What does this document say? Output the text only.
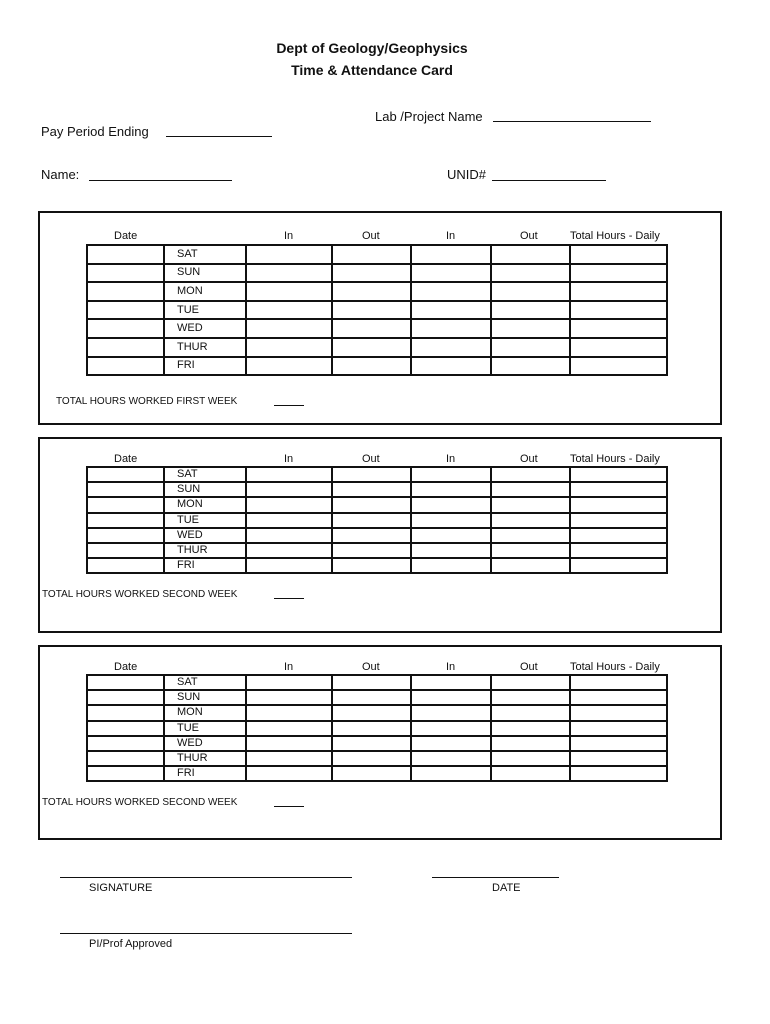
Dept of Geology/Geophysics
Time & Attendance Card
Lab /Project Name
Pay Period Ending
Name:	UNID#
	SAT					
	SUN					
	MON					
	TUE					
	WED					
	THUR					
	FRI					
TOTAL HOURS WORKED FIRST WEEK
	SAT					
	SUN					
	MON					
	TUE					
	WED					
	THUR					
	FRI					
TOTAL HOURS WORKED SECOND WEEK
	SAT					
	SUN					
	MON					
	TUE					
	WED					
	THUR					
	FRI					
TOTAL HOURS WORKED SECOND WEEK
SIGNATURE	DATE
PI/Prof Approved
Date	In	Out	In	Out	Total Hours - Daily
Date	In	Out	In	Out	Total Hours - Daily
Date	In	Out	In	Out	Total Hours - Daily
